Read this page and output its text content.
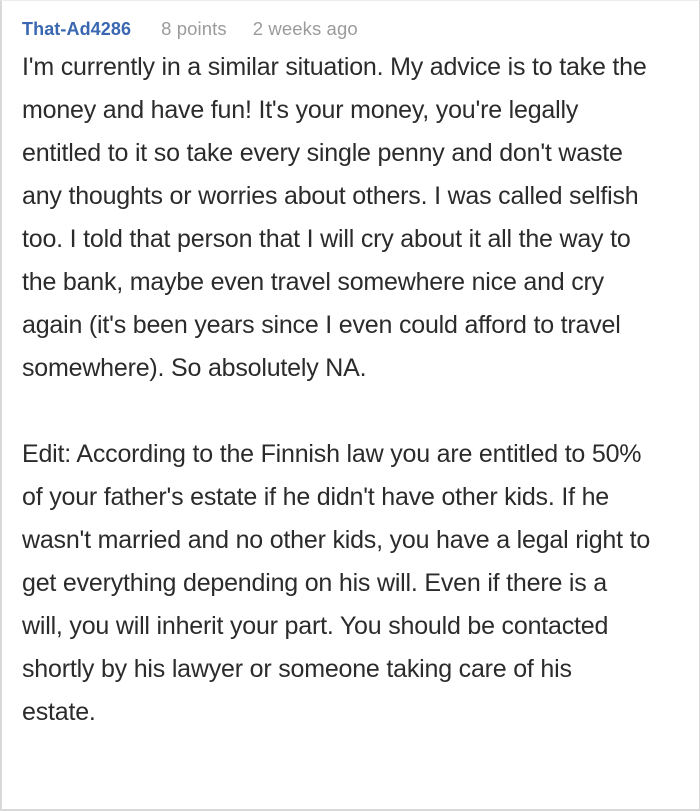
That-Ad4286 8 points 2 weeks ago

I'm currently in a similar situation. My advice is to take the money and have fun! It's your money, you're legally entitled to it so take every single penny and don't waste any thoughts or worries about others. I was called selfish too. I told that person that I will cry about it all the way to the bank, maybe even travel somewhere nice and cry again (it's been years since I even could afford to travel somewhere). So absolutely NA.

Edit: According to the Finnish law you are entitled to 50% of your father's estate if he didn't have other kids. If he wasn't married and no other kids, you have a legal right to get everything depending on his will. Even if there is a will, you will inherit your part. You should be contacted shortly by his lawyer or someone taking care of his estate.
